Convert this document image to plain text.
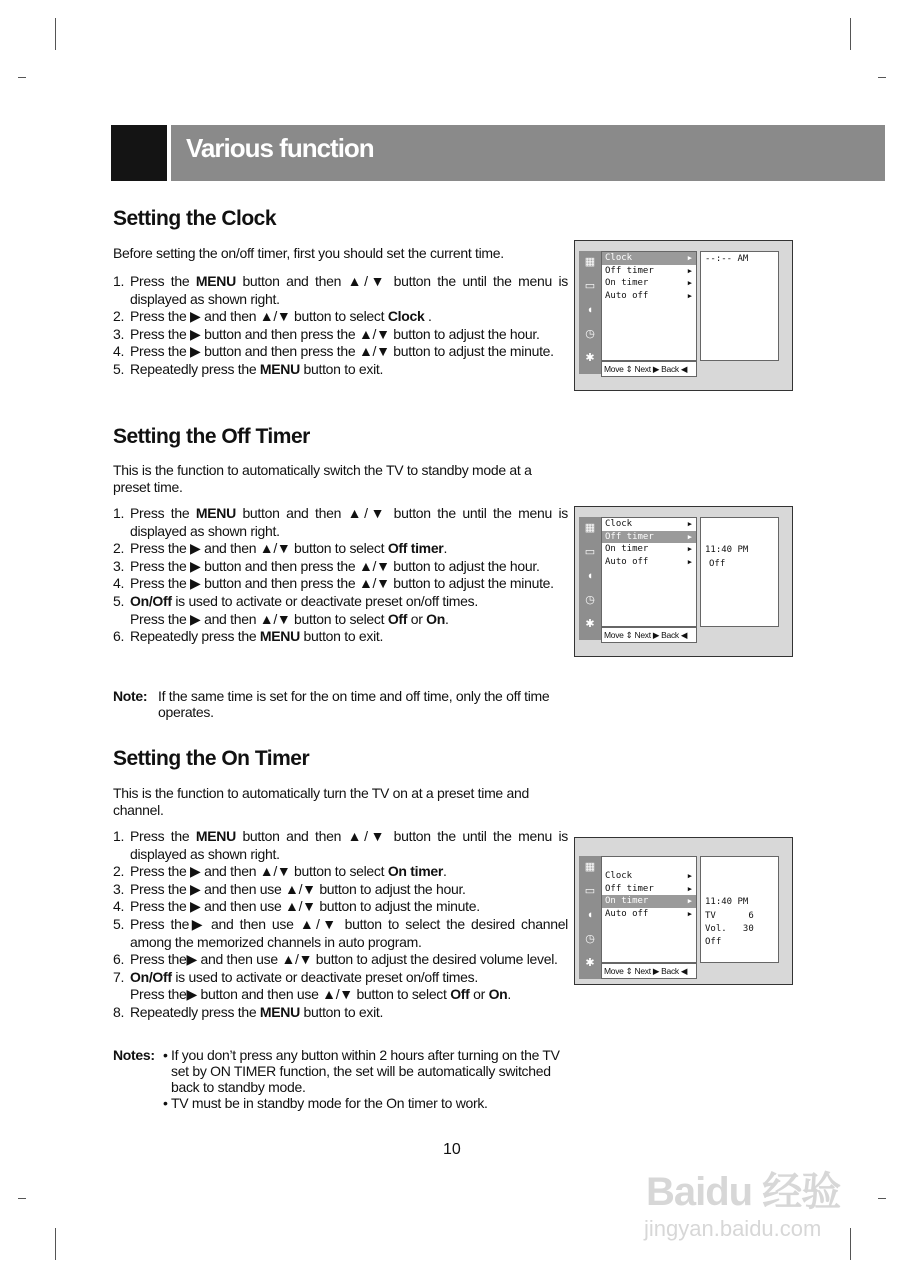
Various function
Setting the Clock
Before setting the on/off timer, first you should set the current time.
1. Press the MENU button and then ▲/▼ button the until the menu is displayed as shown right.
2. Press the ▶ and then ▲/▼ button to select Clock .
3. Press the ▶ button and then press the ▲/▼ button to adjust the hour.
4. Press the ▶ button and then press the ▲/▼ button to adjust the minute.
5. Repeatedly press the MENU button to exit.
▦
▭
◖
◷
✱
Clock	▶
Off timer	▶
On timer	▶
Auto off	▶
--:-- AM
Move ⇕ Next ▶ Back ◀
Setting the Off Timer
This is the function to automatically switch the TV to standby mode at a preset time.
1. Press the MENU button and then ▲/▼ button the until the menu is displayed as shown right.
2. Press the ▶ and then ▲/▼ button to select Off timer.
3. Press the ▶ button and then press the ▲/▼ button to adjust the hour.
4. Press the ▶ button and then press the ▲/▼ button to adjust the minute.
5. On/Off is used to activate or deactivate preset on/off times.
Press the ▶ and then ▲/▼ button to select Off or On.
6. Repeatedly press the MENU button to exit.
Note: If the same time is set for the on time and off time, only the off time operates.
▦
▭
◖
◷
✱
Clock	▶
Off timer	▶
On timer	▶
Auto off	▶
11:40 PM
Off
Move ⇕ Next ▶ Back ◀
Setting the On Timer
This is the function to automatically turn the TV on at a preset time and channel.
1. Press the MENU button and then ▲/▼ button the until the menu is displayed as shown right.
2. Press the ▶ and then ▲/▼ button to select On timer.
3. Press the ▶ and then use ▲/▼ button to adjust the hour.
4. Press the ▶ and then use ▲/▼ button to adjust the minute.
5. Press the▶ and then use ▲/▼ button to select the desired channel among the memorized channels in auto program.
6. Press the▶ and then use ▲/▼ button to adjust the desired volume level.
7. On/Off is used to activate or deactivate preset on/off times.
Press the▶ button and then use ▲/▼ button to select Off or On.
8. Repeatedly press the MENU button to exit.
Notes: • If you don’t press any button within 2 hours after turning on the TV set by ON TIMER function, the set will be automatically switched back to standby mode.
• TV must be in standby mode for the On timer to work.
▦
▭
◖
◷
✱
Clock	▶
Off timer	▶
On timer	▶
Auto off	▶
11:40 PM
TV      6
Vol.   30
Off
Move ⇕ Next ▶ Back ◀
10
Baidu 经验
jingyan.baidu.com
